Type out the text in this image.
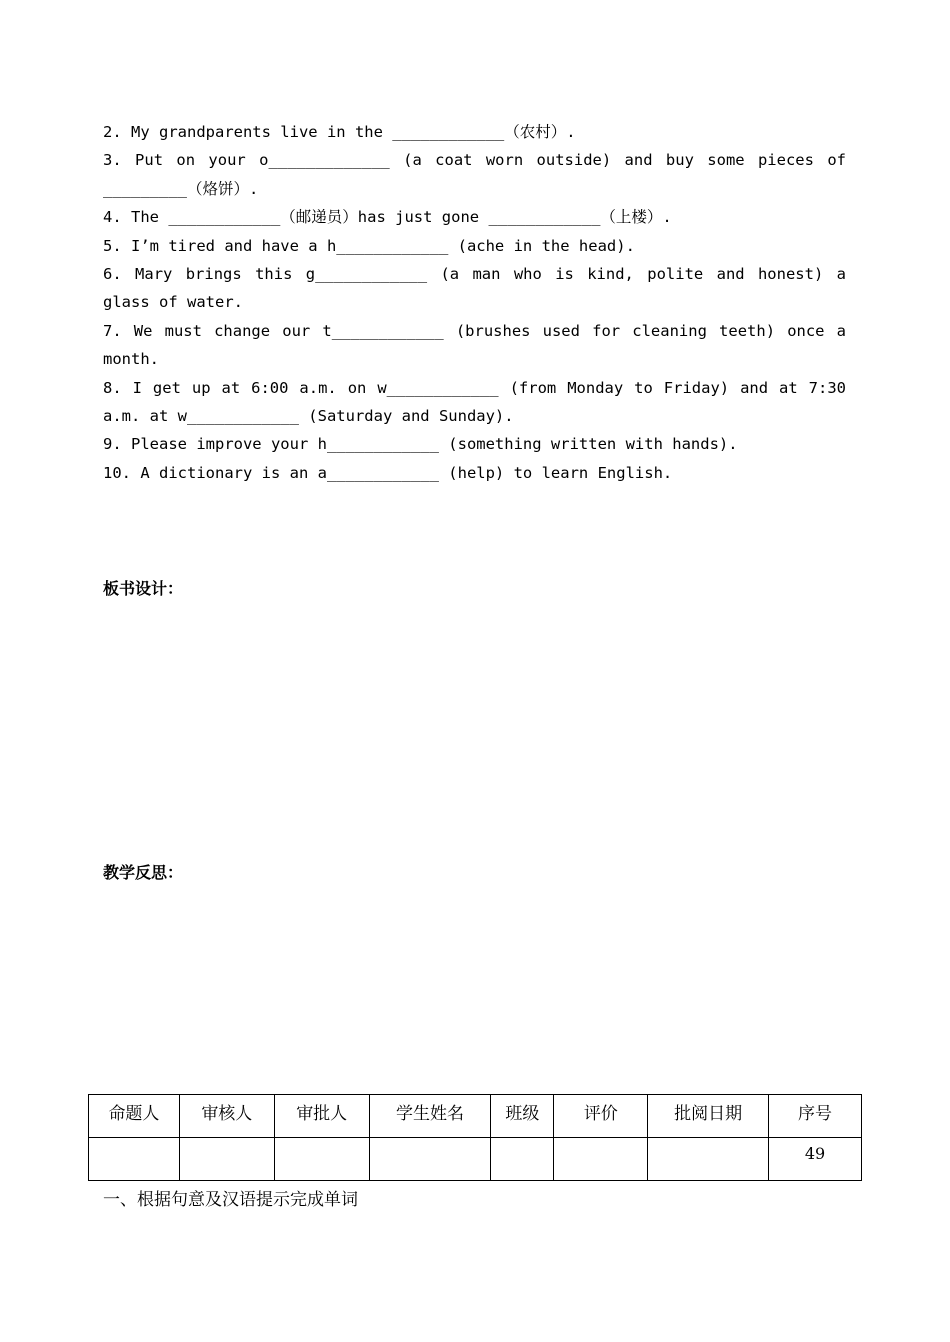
2. My grandparents live in the ____________（农村）.
3. Put on your o_____________ (a coat worn outside) and buy some pieces of
_________（烙饼）.
4. The ____________（邮递员）has just gone ____________（上楼）.
5. I’m tired and have a h____________ (ache in the head).
6. Mary brings this g____________ (a man who is kind, polite and honest) a
glass of water.
7. We must change our t____________ (brushes used for cleaning teeth) once a
month.
8. I get up at 6:00 a.m. on w____________ (from Monday to Friday) and at 7:30
a.m. at w____________ (Saturday and Sunday).
9. Please improve your h____________ (something written with hands).
10. A dictionary is an a____________ (help) to learn English.
板书设计：
教学反思：
命题人	审核人	审批人	学生姓名	班级	评价	批阅日期	序号
							49
一、根据句意及汉语提示完成单词
